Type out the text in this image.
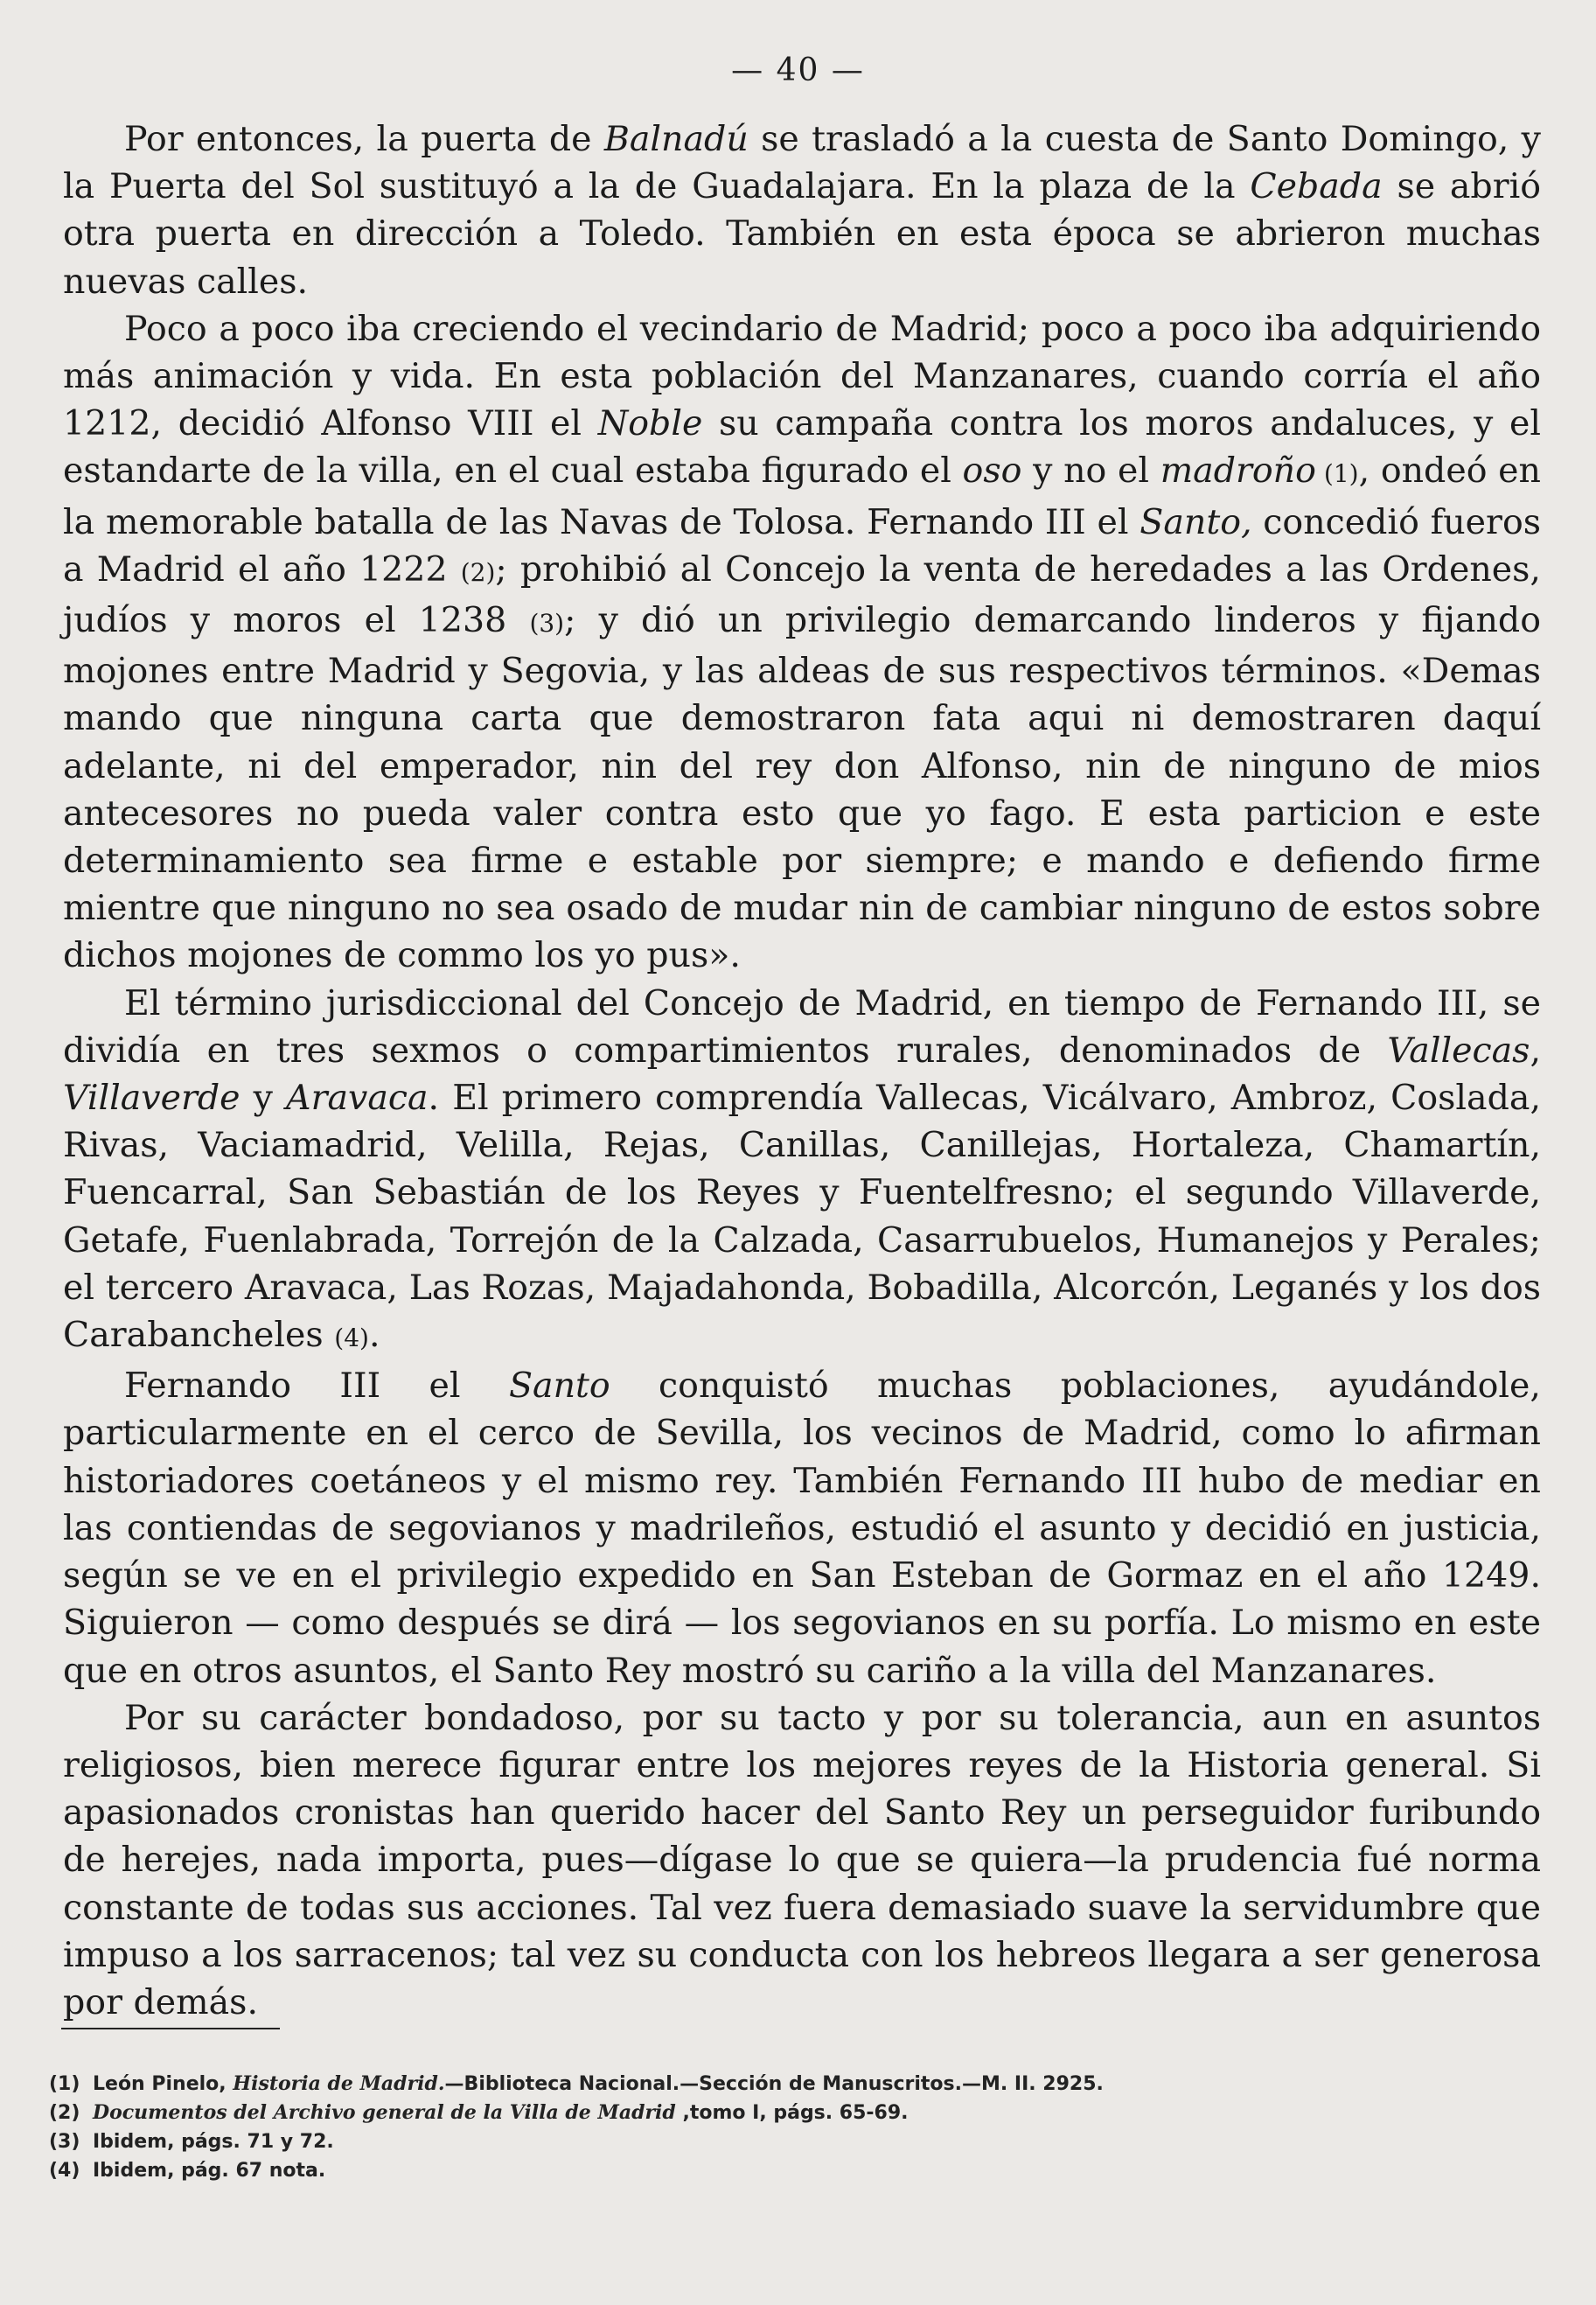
— 40 —

Por entonces, la puerta de Balnadú se trasladó a la cuesta de Santo Domingo, y la Puerta del Sol sustituyó a la de Guadalajara. En la plaza de la Cebada se abrió otra puerta en dirección a Toledo. También en esta época se abrieron muchas nuevas calles.

Poco a poco iba creciendo el vecindario de Madrid; poco a poco iba adquiriendo más animación y vida. En esta población del Manzanares, cuando corría el año 1212, decidió Alfonso VIII el Noble su campaña contra los moros andaluces, y el estandarte de la villa, en el cual estaba figurado el oso y no el madroño (1), ondeó en la memorable batalla de las Navas de Tolosa. Fernando III el Santo, concedió fueros a Madrid el año 1222 (2); prohibió al Concejo la venta de heredades a las Ordenes, judíos y moros el 1238 (3); y dió un privilegio demarcando linderos y fijando mojones entre Madrid y Segovia, y las aldeas de sus respectivos términos. «Demas mando que ninguna carta que demostraron fata aqui ni demostraren daquí adelante, ni del emperador, nin del rey don Alfonso, nin de ninguno de mios antecesores no pueda valer contra esto que yo fago. E esta particion e este determinamiento sea firme e estable por siempre; e mando e defiendo firme mientre que ninguno no sea osado de mudar nin de cambiar ninguno de estos sobre dichos mojones de commo los yo pus».

El término jurisdiccional del Concejo de Madrid, en tiempo de Fernando III, se dividía en tres sexmos o compartimientos rurales, denominados de Vallecas, Villaverde y Aravaca. El primero comprendía Vallecas, Vicálvaro, Ambroz, Coslada, Rivas, Vaciamadrid, Velilla, Rejas, Canillas, Canillejas, Hortaleza, Chamartín, Fuencarral, San Sebastián de los Reyes y Fuentelfresno; el segundo Villaverde, Getafe, Fuenlabrada, Torrejón de la Calzada, Casarrubuelos, Humanejos y Perales; el tercero Aravaca, Las Rozas, Majadahonda, Bobadilla, Alcorcón, Leganés y los dos Carabancheles (4).

Fernando III el Santo conquistó muchas poblaciones, ayudándole, particularmente en el cerco de Sevilla, los vecinos de Madrid, como lo afirman historiadores coetáneos y el mismo rey. También Fernando III hubo de mediar en las contiendas de segovianos y madrileños, estudió el asunto y decidió en justicia, según se ve en el privilegio expedido en San Esteban de Gormaz en el año 1249. Siguieron — como después se dirá — los segovianos en su porfía. Lo mismo en este que en otros asuntos, el Santo Rey mostró su cariño a la villa del Manzanares.

Por su carácter bondadoso, por su tacto y por su tolerancia, aun en asuntos religiosos, bien merece figurar entre los mejores reyes de la Historia general. Si apasionados cronistas han querido hacer del Santo Rey un perseguidor furibundo de herejes, nada importa, pues—dígase lo que se quiera—la prudencia fué norma constante de todas sus acciones. Tal vez fuera demasiado suave la servidumbre que impuso a los sarracenos; tal vez su conducta con los hebreos llegara a ser generosa por demás.

(1) León Pinelo, Historia de Madrid.—Biblioteca Nacional.—Sección de Manuscritos.—M. II. 2925.
(2) Documentos del Archivo general de la Villa de Madrid ,tomo I, págs. 65-69.
(3) Ibidem, págs. 71 y 72.
(4) Ibidem, pág. 67 nota.
